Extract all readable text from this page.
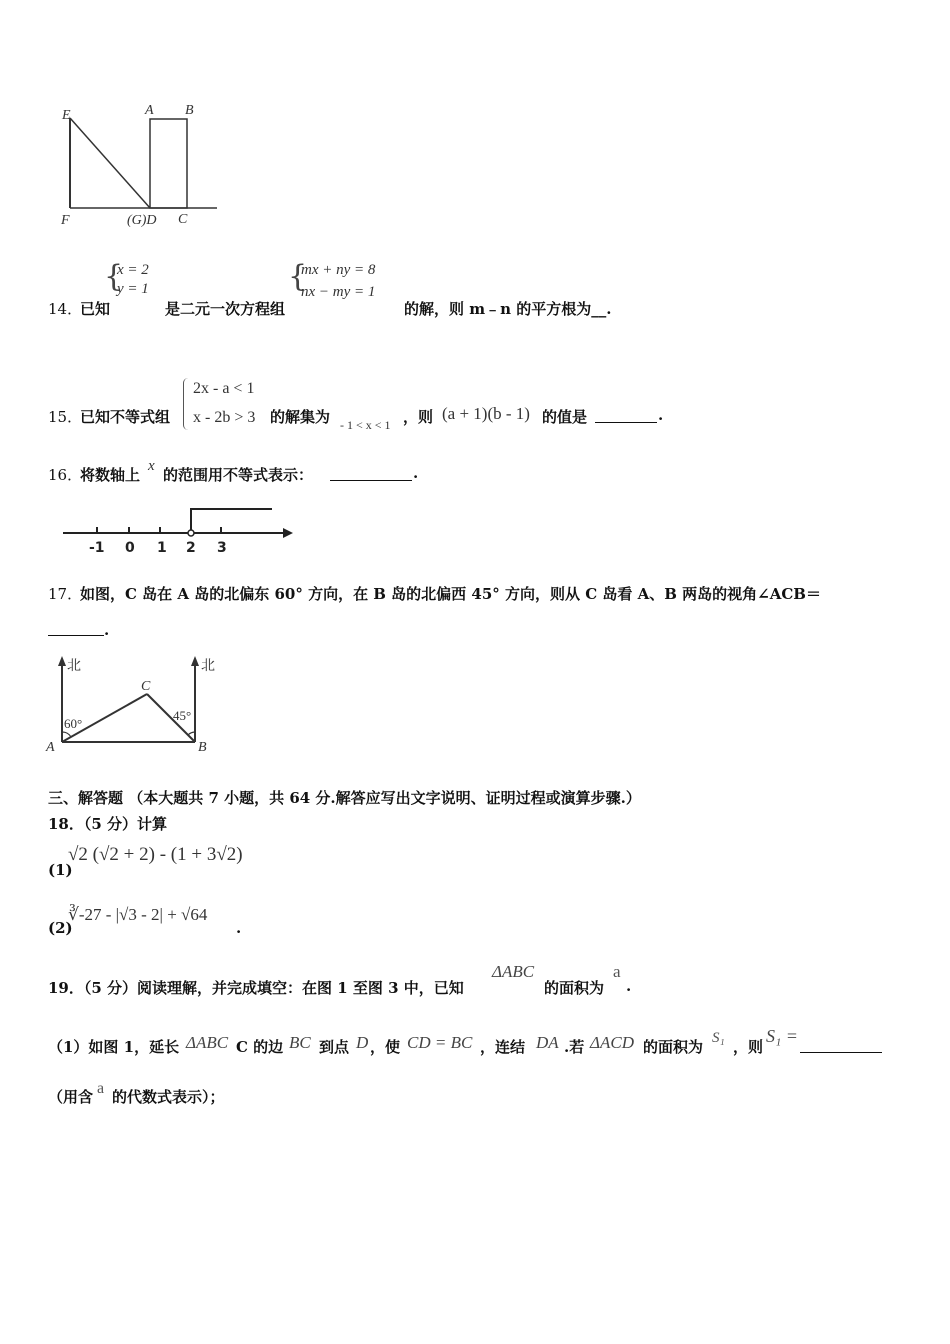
E	A B
F	(G)D C
14．
已知
{
x = 2
y = 1
是二元一次方程组
{
mx + ny = 8
nx − my = 1
的解，则 m﹣n 的平方根为__.
15．
已知不等式组
2x - a < 1
x - 2b > 3 的解集为 - 1 < x < 1 ，则 (a + 1)(b - 1) 的值是	.
16．
将数轴上 x 的范围用不等式表示：	.
-1 0 1 2 3
17．
如图，C 岛在 A 岛的北偏东 60° 方向，在 B 岛的北偏西 45° 方向，则从 C 岛看 A、B 两岛的视角∠ACB＝
.
北	北
60°
45°
A	B
C
三、解答题 （本大题共 7 小题，共 64 分.解答应写出文字说明、证明过程或演算步骤.）
18．（5 分）计算
(1)
√2 (√2 + 2) - (1 + 3√2)
(2)
∛-27 - |√3 - 2| + √64
.
19．（5 分）阅读理解，并完成填空：在图 1 至图 3 中，已知
ΔABC
的面积为
a
.
（1）如图 1，延长 ΔABC C 的边 BC 到点 D ，使 CD = BC ，连结 DA .若 ΔACD 的面积为 S₁ ，则
S₁ =
（用含 a 的代数式表示）；
